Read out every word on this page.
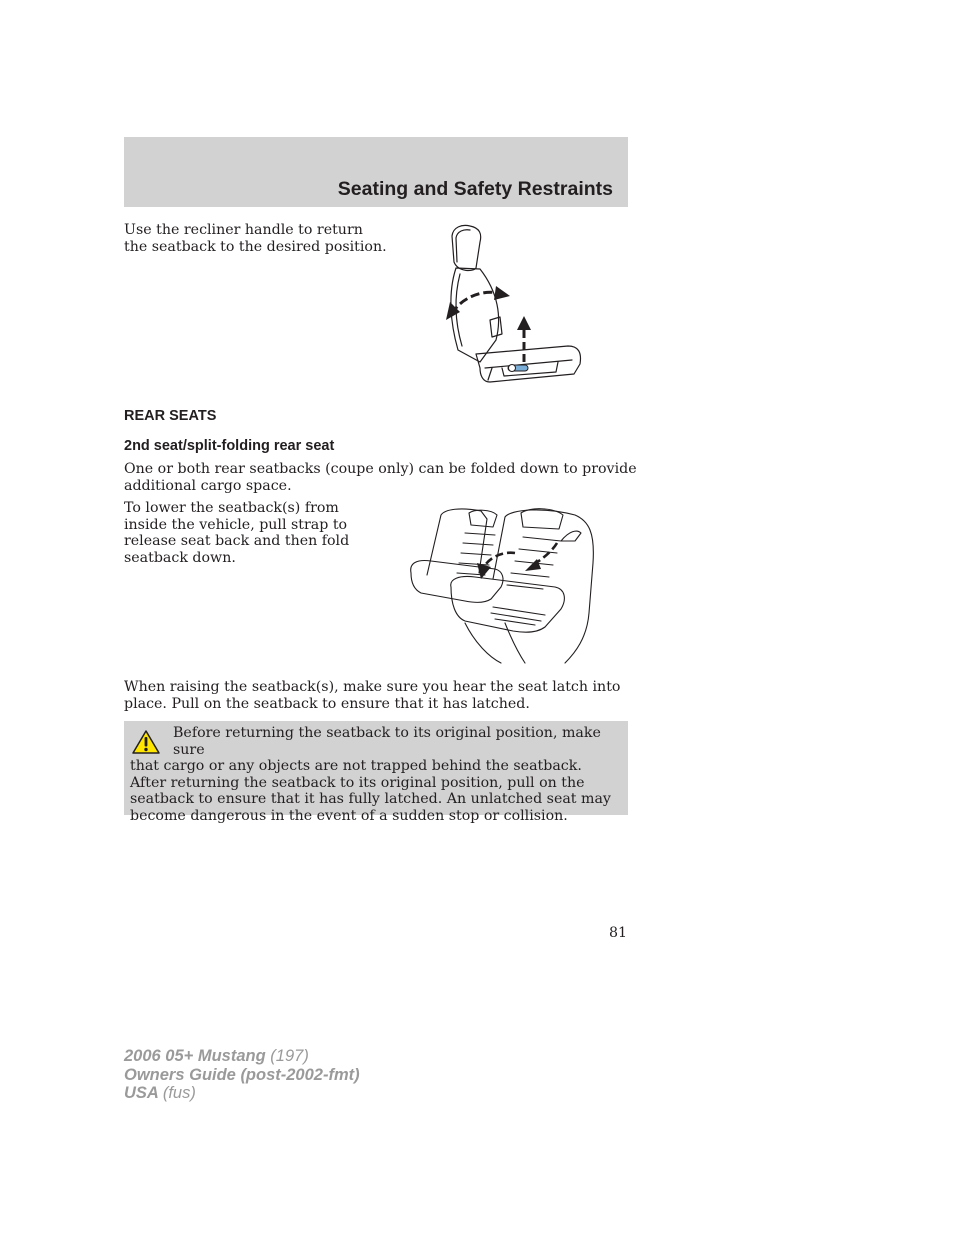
Seating and Safety Restraints

Use the recliner handle to return
the seatback to the desired position.

REAR SEATS
2nd seat/split-folding rear seat

One or both rear seatbacks (coupe only) can be folded down to provide
additional cargo space.

To lower the seatback(s) from
inside the vehicle, pull strap to
release seat back and then fold
seatback down.

When raising the seatback(s), make sure you hear the seat latch into
place. Pull on the seatback to ensure that it has latched.

Before returning the seatback to its original position, make sure
that cargo or any objects are not trapped behind the seatback.
After returning the seatback to its original position, pull on the
seatback to ensure that it has fully latched. An unlatched seat may
become dangerous in the event of a sudden stop or collision.

81
2006 05+ Mustang (197)
Owners Guide (post-2002-fmt)
USA (fus)
